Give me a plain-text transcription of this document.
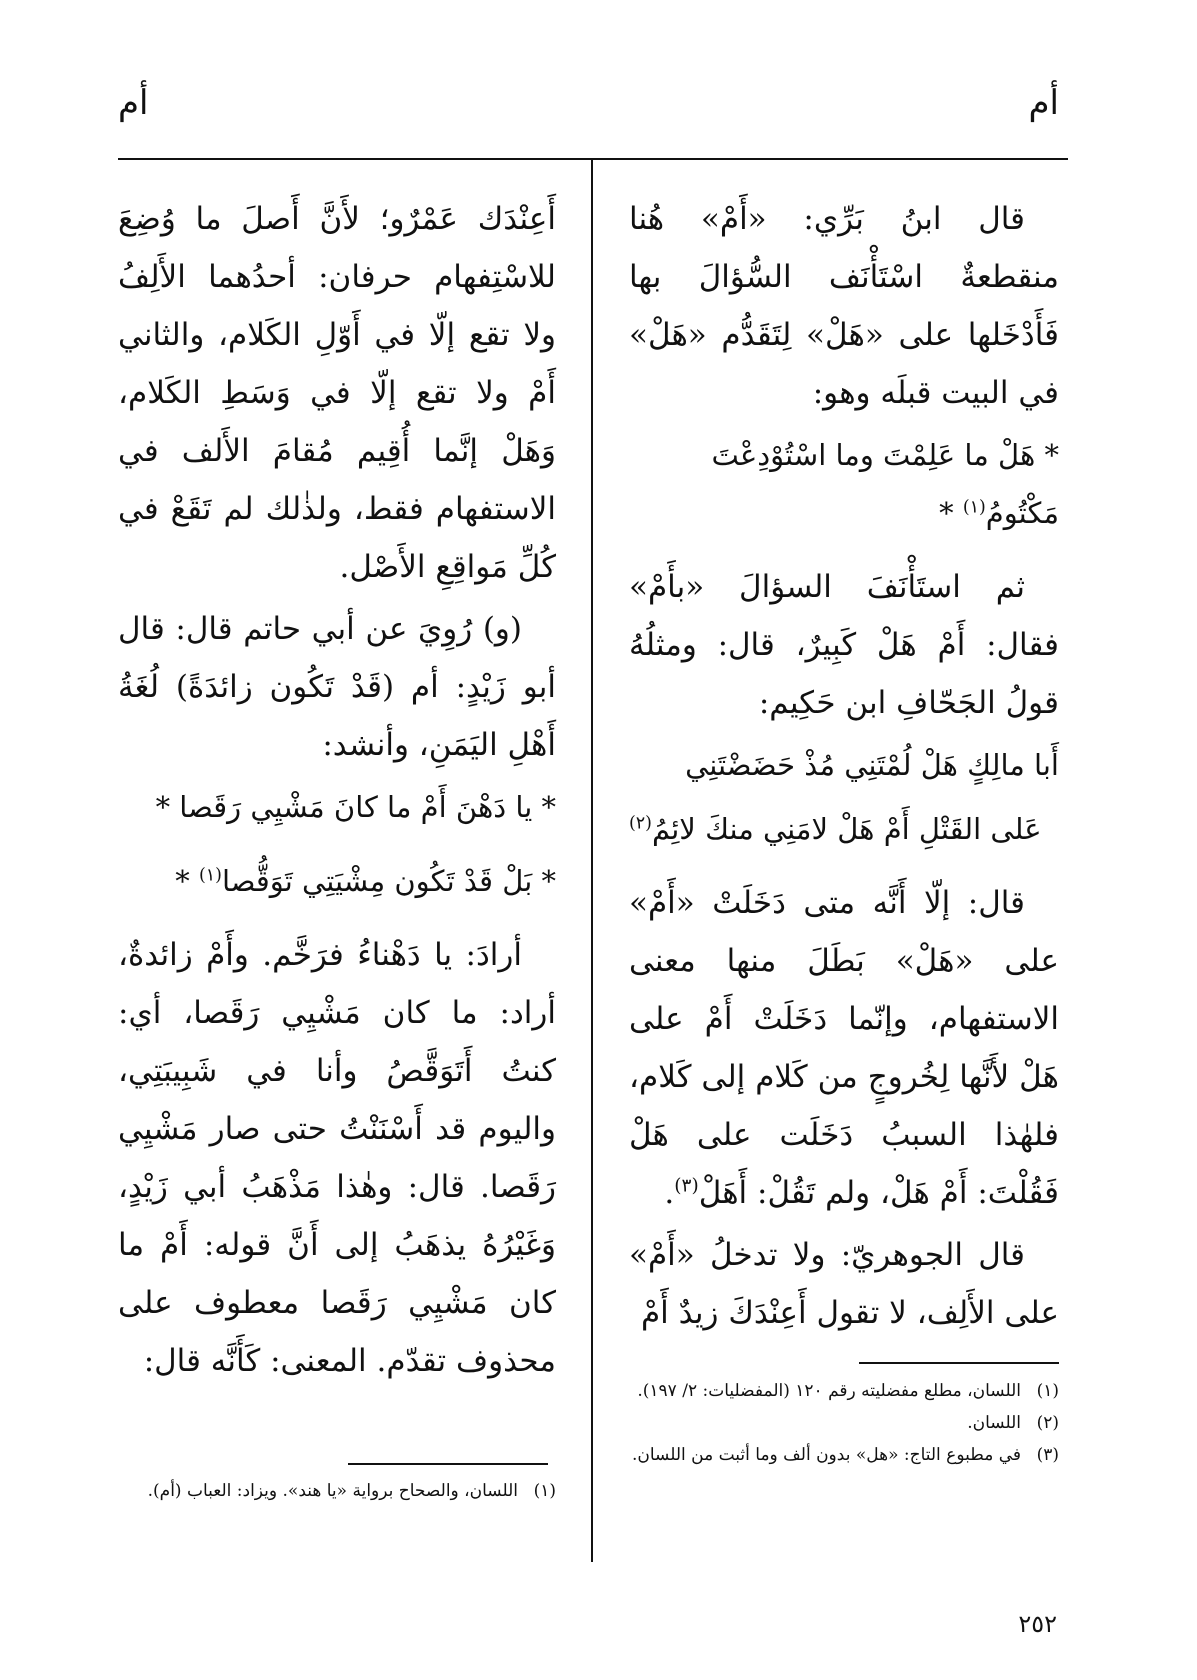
أم
أم

قال ابنُ بَرِّي: «أَمْ» هُنا منقطعةٌ اسْتَأْنَف السُّؤالَ بها فَأَدْخَلها على «هَلْ» لِتَقَدُّم «هَلْ» في البيت قبلَه وهو:

* هَلْ ما عَلِمْتَ وما اسْتُوْدِعْتَ مَكْتُومُ$^{(١)}$ *

ثم استَأْنَفَ السؤالَ «بأَمْ» فقال: أَمْ هَلْ كَبِيرٌ، قال: ومثلُهُ قولُ الجَحّافِ ابن حَكِيم:

أَبا مالِكٍ هَلْ لُمْتَنِي مُذْ حَضَضْتَنِي

عَلى القَتْلِ أَمْ هَلْ لامَنِي منكَ لائِمُ$^{(٢)}$

قال: إلّا أَنَّه متى دَخَلَتْ «أَمْ» على «هَلْ» بَطَلَ منها معنى الاستفهام، وإنّما دَخَلَتْ أَمْ على هَلْ لأَنَّها لِخُروجٍ من كَلام إلى كَلام، فلهٰذا السببُ دَخَلَت على هَلْ فَقُلْتَ: أَمْ هَلْ، ولم تَقُلْ: أَهَلْ$^{(٣)}$.

قال الجوهريّ: ولا تدخلُ «أَمْ» على الأَلِف، لا تقول أَعِنْدَكَ زيدٌ أَمْ

أَعِنْدَك عَمْرٌو؛ لأَنَّ أَصلَ ما وُضِعَ للاسْتِفهام حرفان: أحدُهما الأَلِفُ ولا تقع إلّا في أَوّلِ الكَلام، والثاني أَمْ ولا تقع إلّا في وَسَطِ الكَلام، وَهَلْ إنَّما أُقِيم مُقامَ الأَلف في الاستفهام فقط، ولذٰلك لم تَقَعْ في كُلِّ مَواقِعِ الأَصْل.

(و) رُوِيَ عن أبي حاتم قال: قال أبو زَيْدٍ: أم (قَدْ تَكُون زائدَةً) لُغَةُ أَهْلِ اليَمَنِ، وأنشد:

* يا دَهْنَ أَمْ ما كانَ مَشْيِي رَقَصا *

* بَلْ قَدْ تَكُون مِشْيَتِي تَوَقُّصا$^{(١)}$ *

أرادَ: يا دَهْناءُ فرَخَّم. وأَمْ زائدةٌ، أراد: ما كان مَشْيِي رَقَصا، أي: كنتُ أَتَوَقَّصُ وأنا في شَبِيبَتِي، واليوم قد أَسْنَنْتُ حتى صار مَشْيِي رَقَصا. قال: وهٰذا مَذْهَبُ أبي زَيْدٍ، وَغَيْرُهُ يذهَبُ إلى أَنَّ قوله: أَمْ ما كان مَشْيِي رَقَصا معطوف على محذوف تقدّم. المعنى: كَأَنَّه قال:

(١)اللسان، مطلع مفضليته رقم ١٢٠ (المفضليات: ٢/ ١٩٧).

(٢)اللسان.

(٣)في مطبوع التاج: «هل» بدون ألف وما أثبت من اللسان.

(١)اللسان، والصحاح برواية «يا هند». ويزاد: العباب (أم).

٢٥٢
